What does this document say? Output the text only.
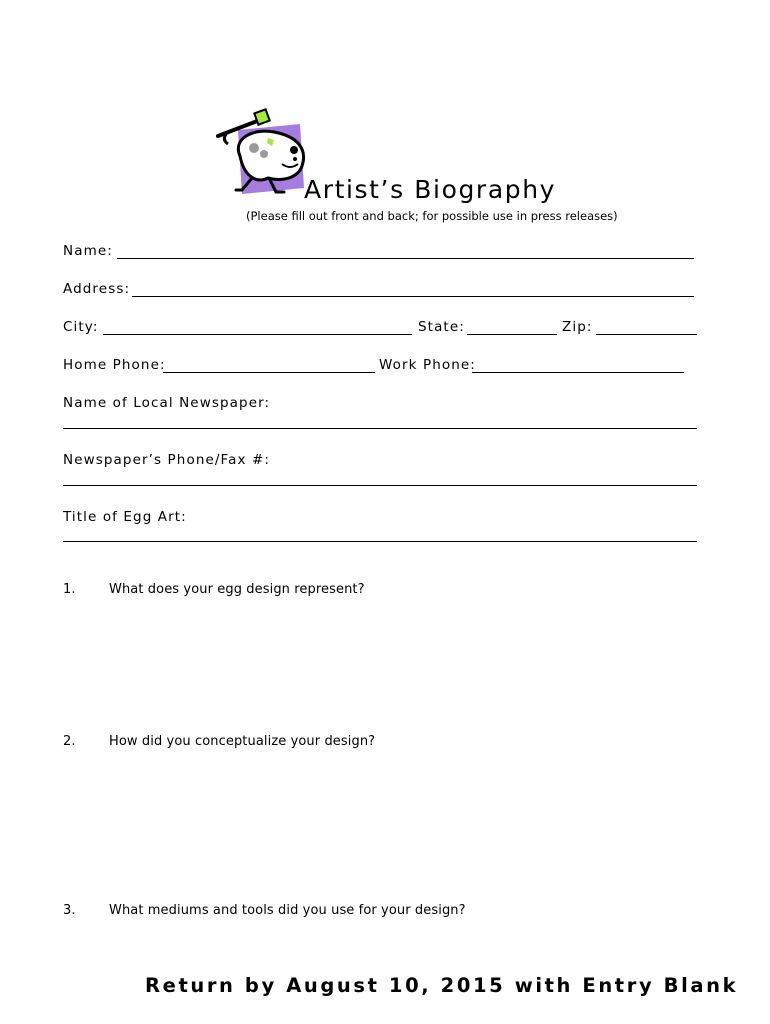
Artist’s Biography
(Please fill out front and back; for possible use in press releases)
Name:
Address:
City:	State:	Zip:
Home Phone:	Work Phone:
Name of Local Newspaper:
Newspaper’s Phone/Fax #:
Title of Egg Art:
1.	What does your egg design represent?
2.	How did you conceptualize your design?
3.	What mediums and tools did you use for your design?
Return by August 10, 2015 with Entry Blank
